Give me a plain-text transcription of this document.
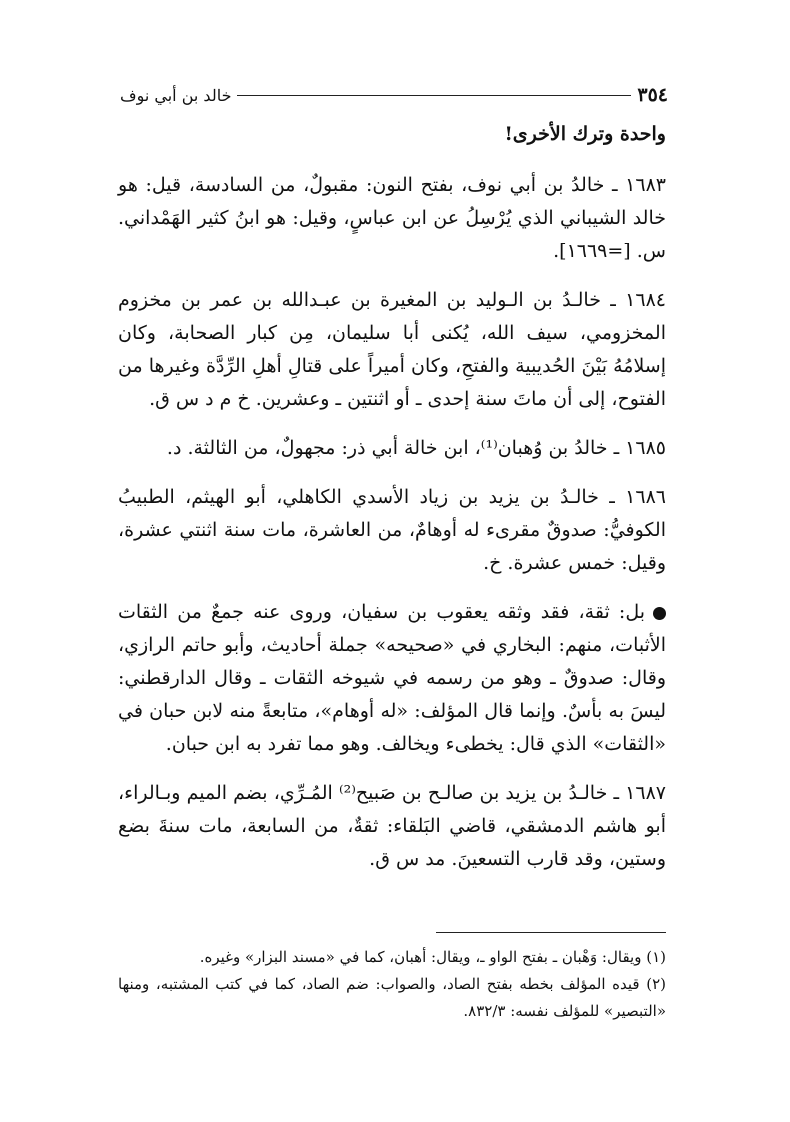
٣٥٤
خالد بن أبي نوف

واحدة وترك الأخرى!

١٦٨٣ ـ خالدُ بن أبي نوف، بفتح النون: مقبولٌ، من السادسة، قيل: هو خالد الشيباني الذي يُرْسِلُ عن ابن عباسٍ، وقيل: هو ابنُ كثير الهَمْداني. س. [=١٦٦٩].

١٦٨٤ ـ خالـدُ بن الـوليد بن المغيرة بن عبـدالله بن عمر بن مخزوم المخزومي، سيف الله، يُكنى أبا سليمان، مِن كبار الصحابة، وكان إسلامُهُ بَيْنَ الحُديبية والفتحِ، وكان أميراً على قتالِ أهلِ الرِّدَّة وغيرها من الفتوح، إلى أن ماتَ سنة إحدى ـ أو اثنتين ـ وعشرين. خ م د س ق.

١٦٨٥ ـ خالدُ بن وُهبان⁽¹⁾، ابن خالة أبي ذر: مجهولٌ، من الثالثة. د.

١٦٨٦ ـ خالـدُ بن يزيد بن زياد الأسدي الكاهلي، أبو الهيثم، الطبيبُ الكوفيُّ: صدوقٌ مقرىء له أوهامٌ، من العاشرة، مات سنة اثنتي عشرة، وقيل: خمس عشرة. خ.

بل: ثقة، فقد وثقه يعقوب بن سفيان، وروى عنه جمعٌ من الثقات الأثبات، منهم: البخاري في «صحيحه» جملة أحاديث، وأبو حاتم الرازي، وقال: صدوقٌ ـ وهو من رسمه في شيوخه الثقات ـ وقال الدارقطني: ليسَ به بأسٌ. وإنما قال المؤلف: «له أوهام»، متابعةً منه لابن حبان في «الثقات» الذي قال: يخطىء ويخالف. وهو مما تفرد به ابن حبان.

١٦٨٧ ـ خالـدُ بن يزيد بن صالـح بن صَبيح⁽²⁾ المُـرِّي، بضم الميم وبـالراء، أبو هاشم الدمشقي، قاضي البَلقاء: ثقةٌ، من السابعة، مات سنةَ بضع وستين، وقد قارب التسعينَ. مد س ق.

(١) ويقال: وَهْبان ـ بفتح الواو ـ، ويقال: أهبان، كما في «مسند البزار» وغيره.

(٢) قيده المؤلف بخطه بفتح الصاد، والصواب: ضم الصاد، كما في كتب المشتبه، ومنها «التبصير» للمؤلف نفسه: ٨٣٢/٣.
